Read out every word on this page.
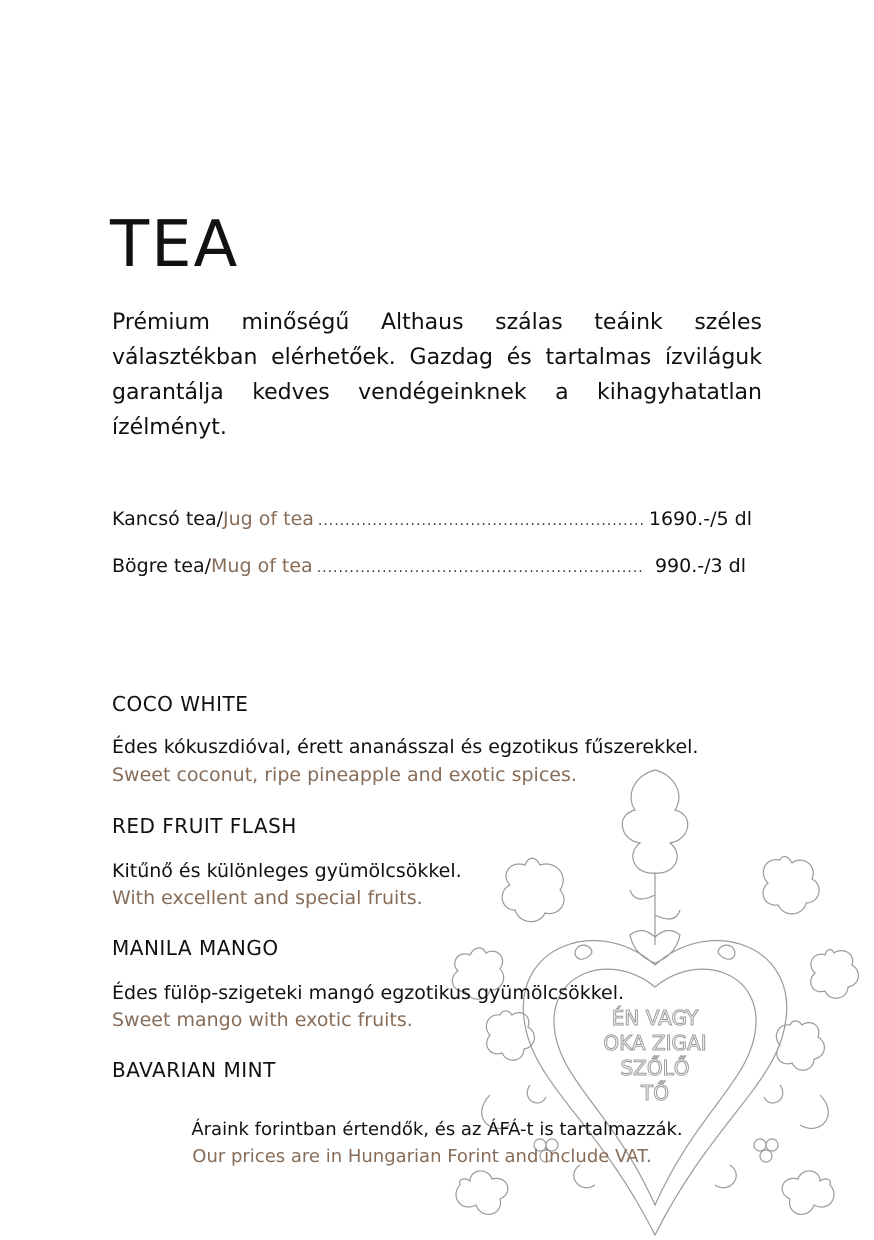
ÉN VAGY
OKA ZIGAI
SZŐLŐ
TŐ
TEA

Prémium minőségű Althaus szálas teáink széles választékban elérhetőek. Gazdag és tartalmas ízviláguk garantálja kedves vendégeinknek a kihagyhatatlan ízélményt.

Kancsó tea/ Jug of tea .....	1690.-/5 dl
Bögre tea/ Mug of tea .....	990.-/3 dl
COCO WHITE

Édes kókuszdióval, érett ananásszal és egzotikus fűszerekkel.

Sweet coconut, ripe pineapple and exotic spices.

RED FRUIT FLASH

Kitűnő és különleges gyümölcsökkel.

With excellent and special fruits.

MANILA MANGO

Édes fülöp-szigeteki mangó egzotikus gyümölcsökkel.

Sweet mango with exotic fruits.

BAVARIAN MINT
Áraink forintban értendők, és az ÁFÁ-t is tartalmazzák.
Our prices are in Hungarian Forint and include VAT.
